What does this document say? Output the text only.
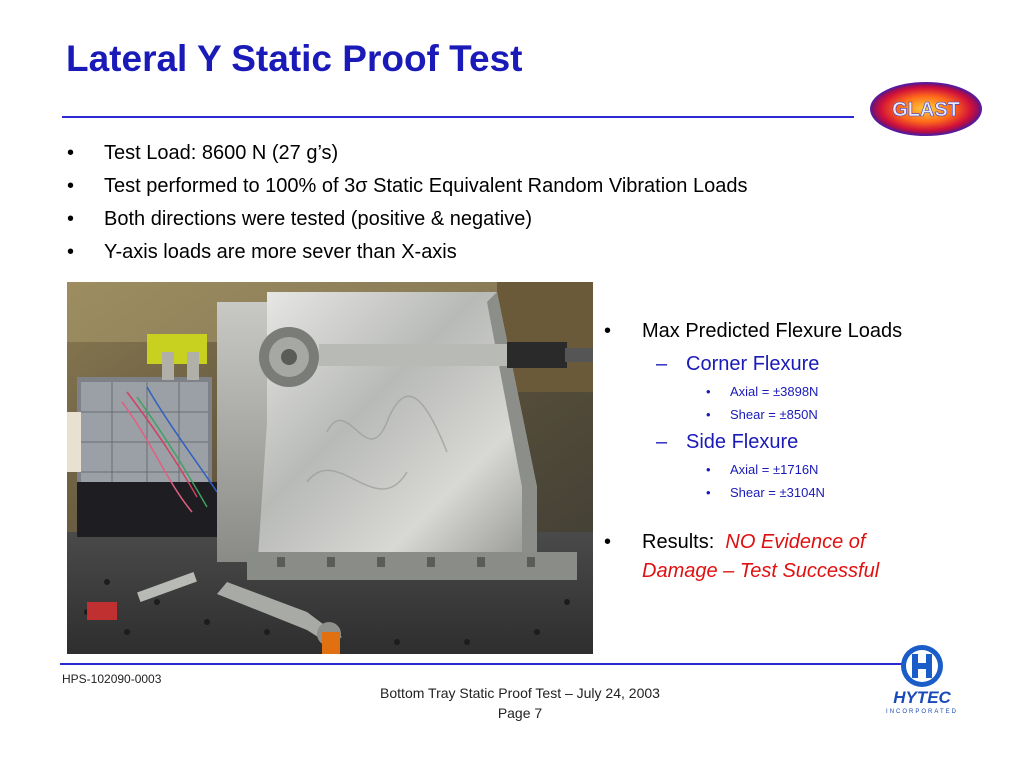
Lateral Y Static Proof Test
GLAST
• Test Load: 8600 N (27 g’s)
• Test performed to 100% of 3σ Static Equivalent Random Vibration Loads
• Both directions were tested (positive & negative)
• Y-axis loads are more sever than X-axis
• Max Predicted Flexure Loads
– Corner Flexure
• Axial = ±3898N
• Shear = ±850N
– Side Flexure
• Axial = ±1716N
• Shear = ±3104N
• Results: NO Evidence of
Damage – Test Successful
HPS-102090-0003
Bottom Tray Static Proof Test – July 24, 2003
Page 7
HYTEC
INCORPORATED
